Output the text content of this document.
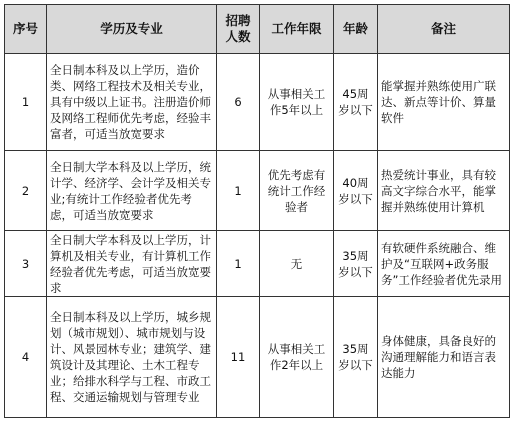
序号	学历及专业	招聘人数	工作年限	年龄	备注
1	全日制本科及以上学历，造价类、网络工程技术及相关专业，具有中级以上证书。注册造价师及网络工程师优先考虑，经验丰富者，可适当放宽要求	6	从事相关工作5年以上	45周岁以下	能掌握并熟练使用广联达、新点等计价、算量软件
2	全日制大学本科及以上学历，统计学、经济学、会计学及相关专业;有统计工作经验者优先考虑，可适当放宽要求	1	优先考虑有统计工作经验者	40周岁以下	热爱统计事业，具有较高文字综合水平，能掌握并熟练使用计算机
3	全日制大学本科及以上学历，计算机及相关专业，有计算机工作经验者优先考虑，可适当放宽要求	1	无	35周岁以下	有软硬件系统融合、维护及“互联网+政务服务”工作经验者优先录用
4	全日制本科及以上学历，城乡规划（城市规划）、城市规划与设计、风景园林专业；建筑学、建筑设计及其理论、土木工程专业；给排水科学与工程、市政工程、交通运输规划与管理专业	11	从事相关工作2年以上	35周岁以下	身体健康，具备良好的沟通理解能力和语言表达能力
